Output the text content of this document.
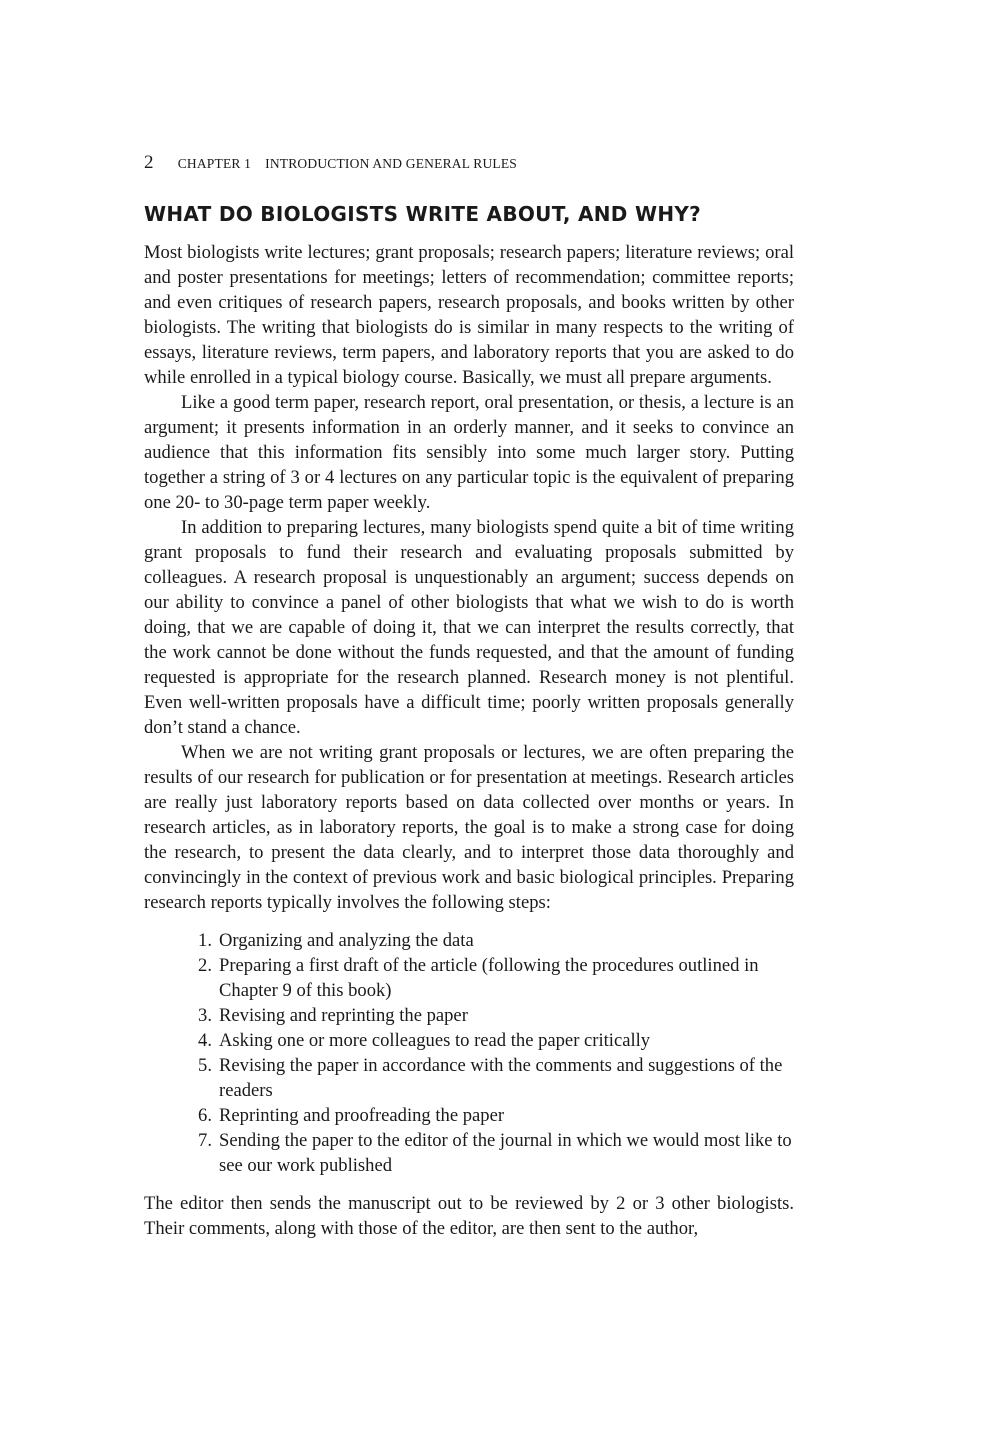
2 CHAPTER 1 INTRODUCTION AND GENERAL RULES
WHAT DO BIOLOGISTS WRITE ABOUT, AND WHY?

Most biologists write lectures; grant proposals; research papers; literature reviews; oral and poster presentations for meetings; letters of recommendation; committee reports; and even critiques of research papers, research proposals, and books written by other biologists. The writing that biologists do is similar in many respects to the writing of essays, literature reviews, term papers, and laboratory reports that you are asked to do while enrolled in a typical biology course. Basically, we must all prepare arguments.

Like a good term paper, research report, oral presentation, or thesis, a lecture is an argument; it presents information in an orderly manner, and it seeks to convince an audience that this information fits sensibly into some much larger story. Putting together a string of 3 or 4 lectures on any particular topic is the equivalent of preparing one 20- to 30-page term paper weekly.

In addition to preparing lectures, many biologists spend quite a bit of time writing grant proposals to fund their research and evaluating proposals submitted by colleagues. A research proposal is unquestionably an argument; success depends on our ability to convince a panel of other biologists that what we wish to do is worth doing, that we are capable of doing it, that we can interpret the results correctly, that the work cannot be done without the funds requested, and that the amount of funding requested is appropriate for the research planned. Research money is not plentiful. Even well-written proposals have a difficult time; poorly written proposals generally don’t stand a chance.

When we are not writing grant proposals or lectures, we are often preparing the results of our research for publication or for presentation at meetings. Research articles are really just laboratory reports based on data collected over months or years. In research articles, as in laboratory reports, the goal is to make a strong case for doing the research, to present the data clearly, and to interpret those data thoroughly and convincingly in the context of previous work and basic biological principles. Preparing research reports typically involves the following steps:

1. Organizing and analyzing the data
2. Preparing a first draft of the article (following the procedures outlined in Chapter 9 of this book)
3. Revising and reprinting the paper
4. Asking one or more colleagues to read the paper critically
5. Revising the paper in accordance with the comments and suggestions of the readers
6. Reprinting and proofreading the paper
7. Sending the paper to the editor of the journal in which we would most like to see our work published

The editor then sends the manuscript out to be reviewed by 2 or 3 other biologists. Their comments, along with those of the editor, are then sent to the author,
